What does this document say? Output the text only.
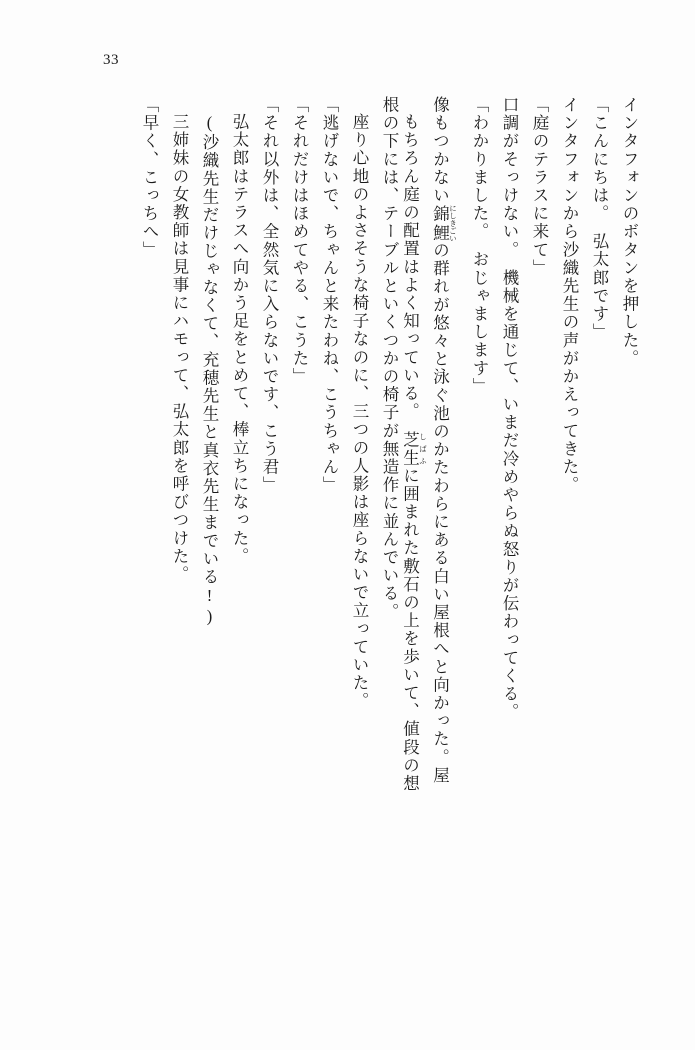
33
インタフォンのボタンを押した。
「こんにちは。　弘太郎です」
インタフォンから沙織先生の声がかえってきた。
「庭のテラスに来て」
口調がそっけない。　機械を通じて、いまだ冷めやらぬ怒りが伝わってくる。
「わかりました。　おじゃまします」
像もつかない錦鯉 にしきごいの群れが悠々と泳ぐ池のかたわらにある白い屋根へと向かった。屋
もちろん庭の配置はよく知っている。　芝生 しばふに囲まれた敷石の上を歩いて、値段の想
根の下には、テーブルといくつかの椅子が無造作に並んでいる。
座り心地のよさそうな椅子なのに、三つの人影は座らないで立っていた。
「逃げないで、ちゃんと来たわね、こうちゃん」
「それだけはほめてやる、こうた」
「それ以外は、全然気に入らないです、こう君」
弘太郎はテラスへ向かう足をとめて、棒立ちになった。
(沙織先生だけじゃなくて、充穂先生と真衣先生までいる!)
三姉妹の女教師は見事にハモって、弘太郎を呼びつけた。
「早く、こっちへ」
